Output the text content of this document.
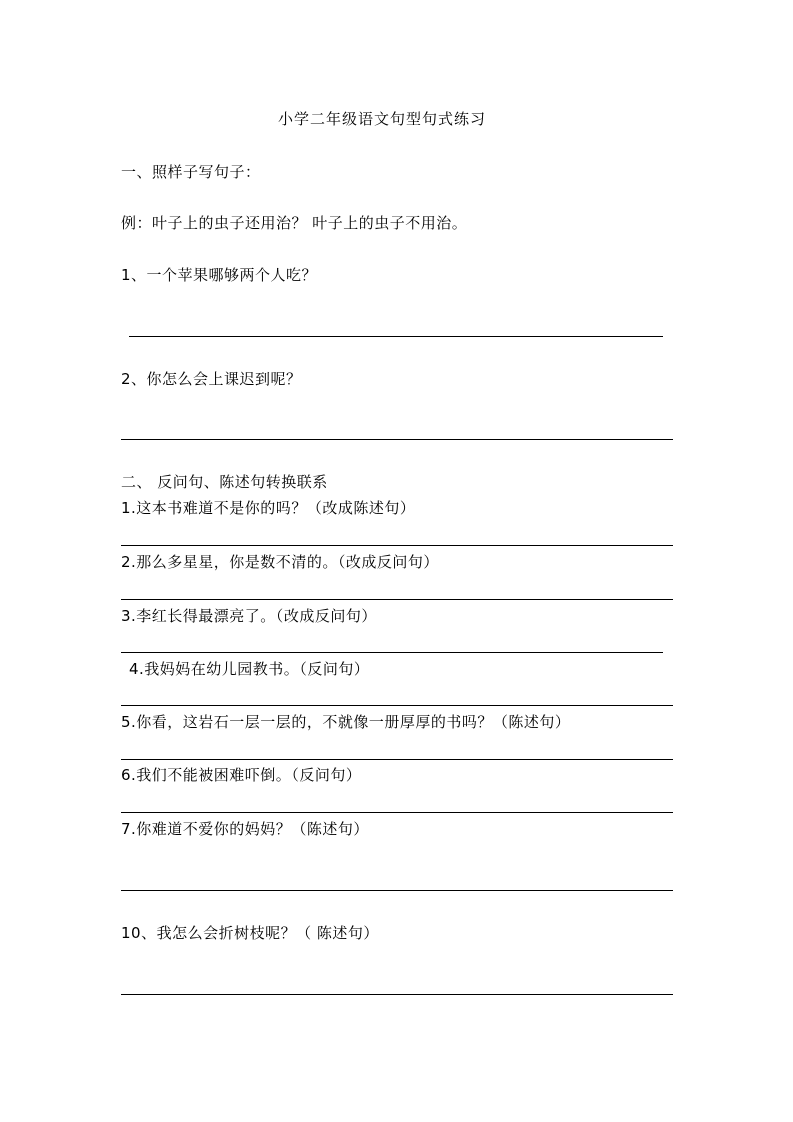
小学二年级语文句型句式练习
一、照样子写句子：
例：叶子上的虫子还用治？ 叶子上的虫子不用治。
1、一个苹果哪够两个人吃？
2、你怎么会上课迟到呢？
二、 反问句、陈述句转换联系
1.这本书难道不是你的吗？（改成陈述句）
2.那么多星星，你是数不清的。（改成反问句）
3.李红长得最漂亮了。（改成反问句）
4.我妈妈在幼儿园教书。（反问句）
5.你看，这岩石一层一层的，不就像一册厚厚的书吗？（陈述句）
6.我们不能被困难吓倒。（反问句）
7.你难道不爱你的妈妈？（陈述句）
10、我怎么会折树枝呢？（ 陈述句）
